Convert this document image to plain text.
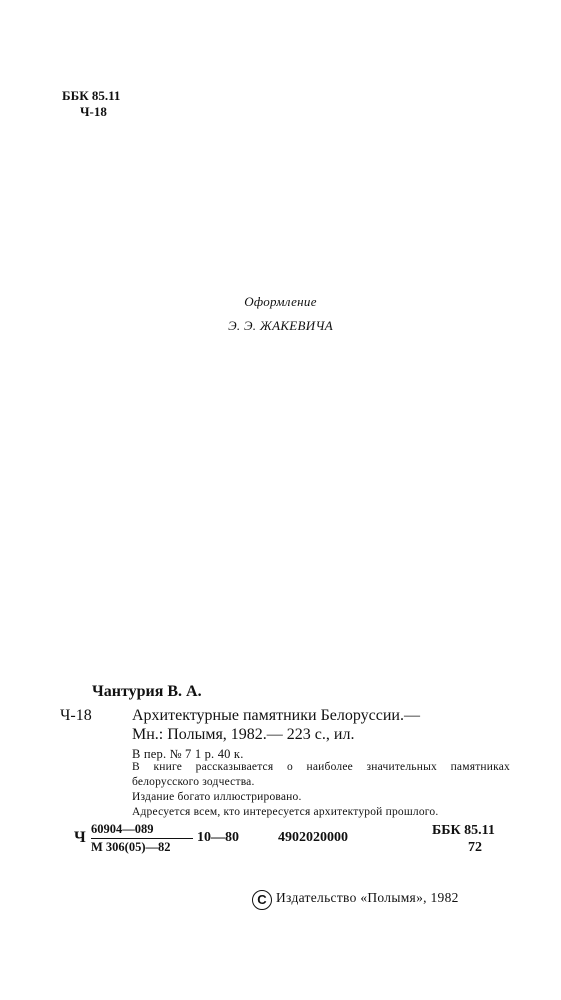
ББК 85.11
Ч-18
Оформление
Э. Э. ЖАКЕВИЧА
Чантурия В. А.
Ч-18	Архитектурные памятники Белоруссии.—
Мн.: Полымя, 1982.— 223 с., ил.
В пер. № 7 1 р. 40 к.
В книге рассказывается о наиболее значительных памятниках белорусского зодчества.
Издание богато иллюстрировано.
Адресуется всем, кто интересуется архитектурой прошлого.
Ч 60904—089
М 306(05)—82
10—80	4902020000	ББК 85.11
72
C Издательство «Полымя», 1982
